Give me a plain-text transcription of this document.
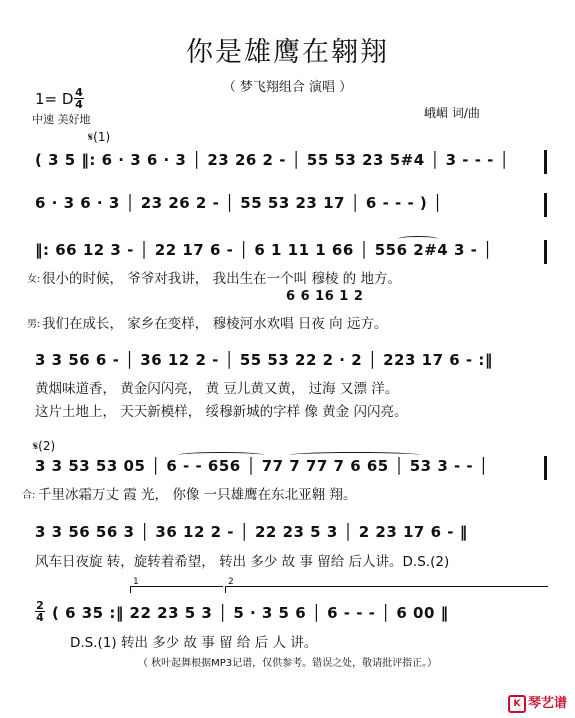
你是雄鹰在翱翔
（ 梦飞翔组合 演唱 ）
1= D 4
4
中速 美好地	峨嵋 词/曲
𝄋(1)
( 3 5 ‖: 6 · 3 6 · 3 │ 23 26 2 - │ 55 53 23 5#4 │ 3 - - - │
6 · 3 6 · 3 │ 23 26 2 - │ 55 53 23 17 │ 6 - - - ) │
‖: 66 12 3 - │ 22 17 6 - │ 6 1 11 1 66 │ 556 2#4 3 - │
女: 很小的时候， 爷爷对我讲， 我出生在一个叫 穆棱 的 地方。
6 6 16 1 2
男: 我们在成长， 家乡在变样， 穆棱河水欢唱 日夜 向 远方。
3 3 56 6 - │ 36 12 2 - │ 55 53 22 2 · 2 │ 223 17 6 - :‖
黄烟味道香， 黄金闪闪亮， 黄 豆儿黄又黄， 过海 又漂 洋。
这片土地上， 天天新模样， 绥穆新城的字样 像 黄金 闪闪亮。
𝄋(2)
3 3 53 53 05 │ 6 - - 656 │ 77 7 77 7 6 65 │ 53 3 - - │
合: 千里冰霜万丈 霞 光， 你像 一只雄鹰在东北亚翱 翔。
3 3 56 56 3 │ 36 12 2 - │ 22 23 5 3 │ 2 23 17 6 - ‖
风车日夜旋 转，旋转着希望， 转出 多少 故 事 留给 后人讲。D.S.(2)
1	2
2
4 ( 6 35 :‖ 22 23 5 3 │ 5 · 3 5 6 │ 6 - - - │ 6 00 ‖
D.S.(1) 转出 多少 故 事 留 给 后 人 讲。
（ 秋叶起舞根据MP3记谱，仅供参考。错误之处，敬请批评指正。）
K 琴艺谱
